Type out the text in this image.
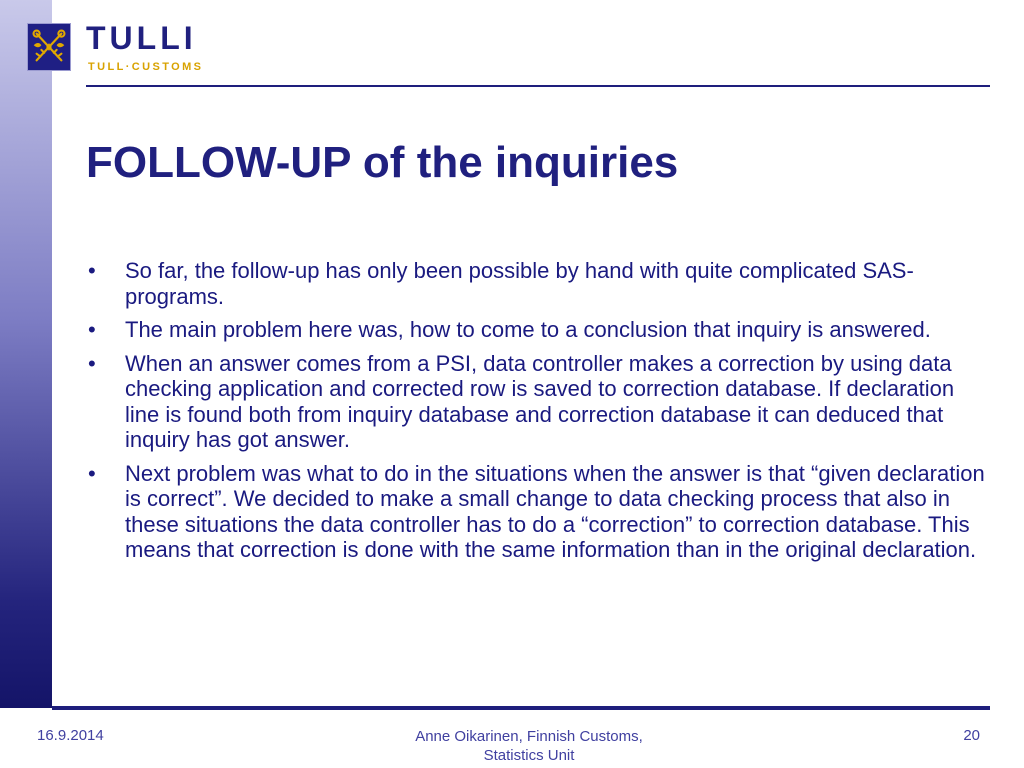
TULLI
TULL·CUSTOMS
FOLLOW-UP of the inquiries
• So far, the follow-up has only been possible by hand with quite complicated SAS-programs.
• The main problem here was, how to come to a conclusion that inquiry is answered.
• When an answer comes from a PSI, data controller makes a correction by using data checking application and corrected row is saved to correction database. If declaration line is found both from inquiry database and correction database it can deduced that inquiry has got answer.
• Next problem was what to do in the situations when the answer is that “given declaration is correct”. We decided to make a small change to data checking process that also in these situations the data controller has to do a “correction” to correction database. This means that correction is done with the same information than in the original declaration.
16.9.2014	Anne Oikarinen, Finnish Customs,
Statistics Unit
20
